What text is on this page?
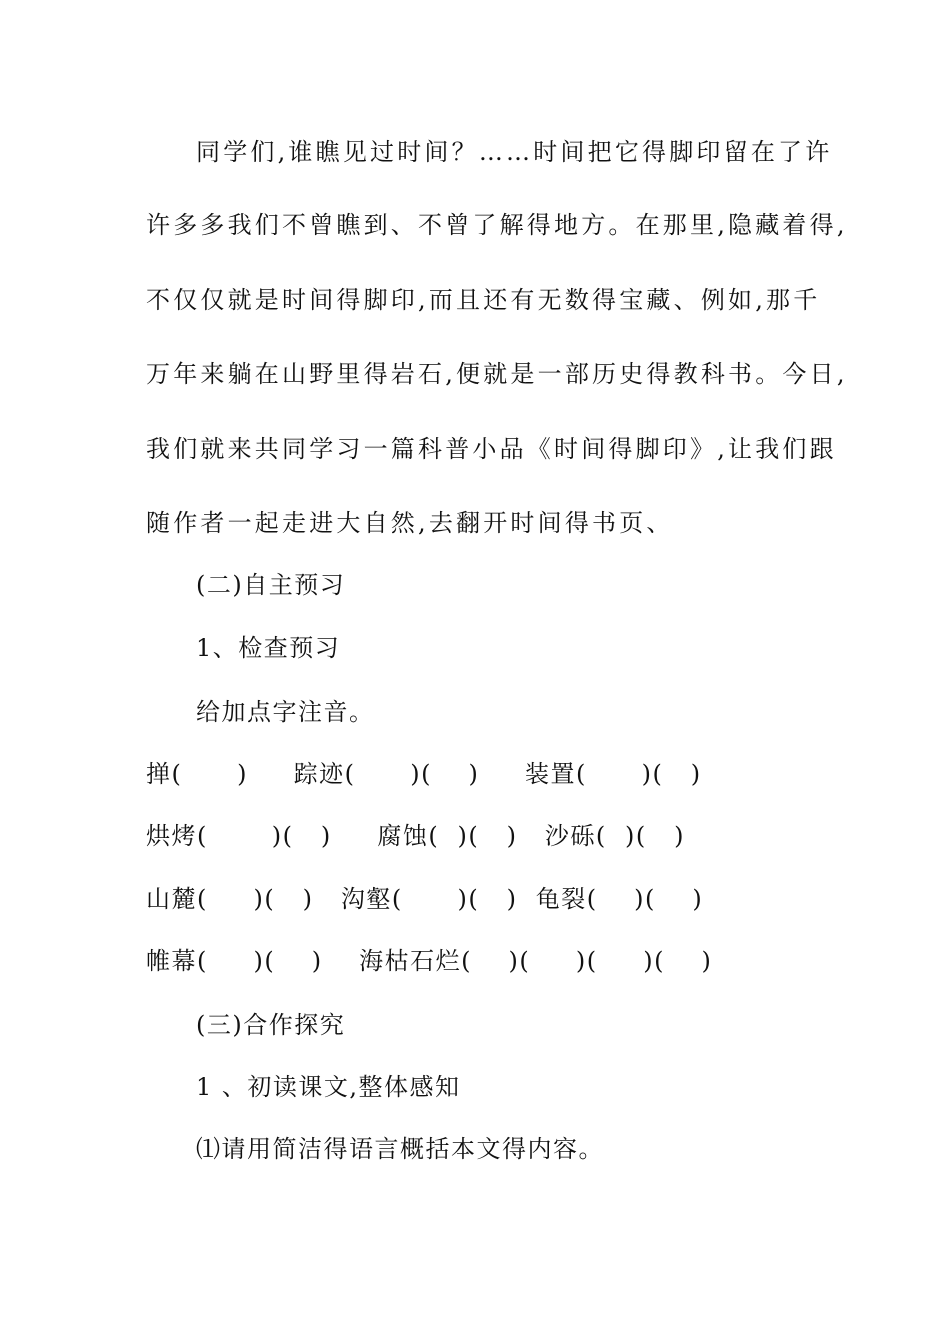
同学们,谁瞧见过时间？……时间把它得脚印留在了许
许多多我们不曾瞧到、不曾了解得地方。在那里,隐藏着得,
不仅仅就是时间得脚印,而且还有无数得宝藏、例如,那千
万年来躺在山野里得岩石,便就是一部历史得教科书。今日,
我们就来共同学习一篇科普小品《时间得脚印》,让我们跟
随作者一起走进大自然,去翻开时间得书页、
(二)自主预习
1、检查预习
给加点字注音。
掸(      )     踪迹(      )(    )     装置(      )(   )
烘烤(       )(   )     腐蚀(  )(   )   沙砾(  )(   )
山麓(     )(   )   沟壑(      )(   )  龟裂(    )(    )
帷幕(     )(    )    海枯石烂(    )(     )(     )(    )
(三)合作探究
1 、初读课文,整体感知
⑴请用简洁得语言概括本文得内容。
